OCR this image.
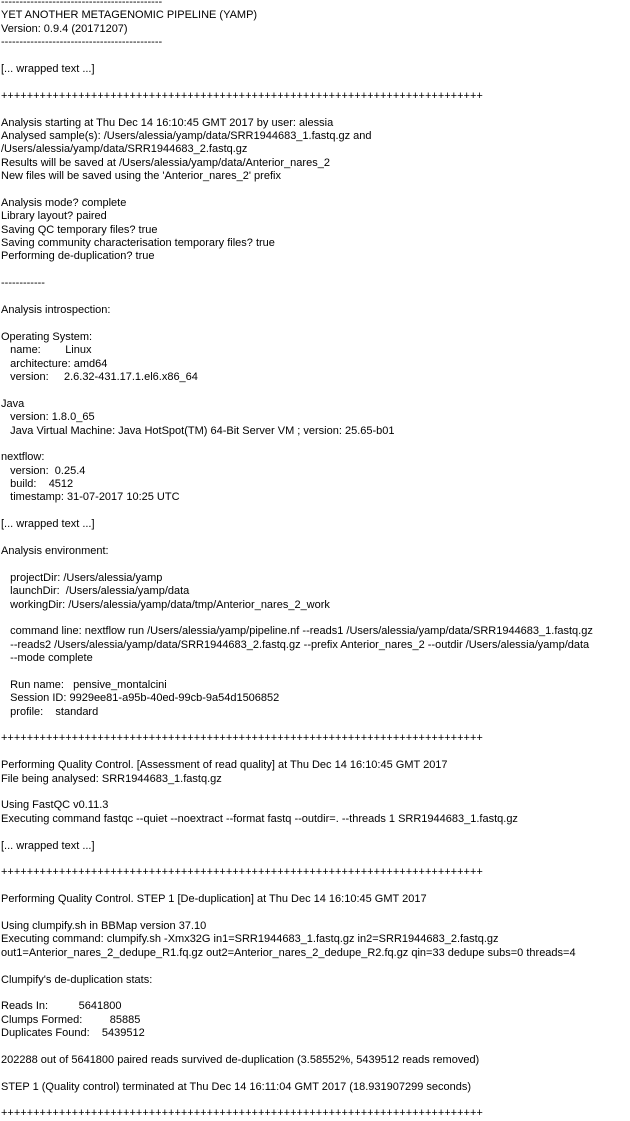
--------------------------------------------
YET ANOTHER METAGENOMIC PIPELINE (YAMP)
Version: 0.9.4 (20171207)
--------------------------------------------
[... wrapped text ...]
+++++++++++++++++++++++++++++++++++++++++++++++++++++++++++++++++++++++++++
Analysis starting at Thu Dec 14 16:10:45 GMT 2017 by user: alessia
Analysed sample(s): /Users/alessia/yamp/data/SRR1944683_1.fastq.gz and
/Users/alessia/yamp/data/SRR1944683_2.fastq.gz
Results will be saved at /Users/alessia/yamp/data/Anterior_nares_2
New files will be saved using the 'Anterior_nares_2' prefix
Analysis mode? complete
Library layout? paired
Saving QC temporary files? true
Saving community characterisation temporary files? true
Performing de-duplication? true
------------
Analysis introspection:
Operating System:
name:        Linux
architecture: amd64
version:     2.6.32-431.17.1.el6.x86_64
Java
version: 1.8.0_65
Java Virtual Machine: Java HotSpot(TM) 64-Bit Server VM ; version: 25.65-b01
nextflow:
version:  0.25.4
build:    4512
timestamp: 31-07-2017 10:25 UTC
[... wrapped text ...]
Analysis environment:
projectDir: /Users/alessia/yamp
launchDir:  /Users/alessia/yamp/data
workingDir: /Users/alessia/yamp/data/tmp/Anterior_nares_2_work
command line: nextflow run /Users/alessia/yamp/pipeline.nf --reads1 /Users/alessia/yamp/data/SRR1944683_1.fastq.gz
--reads2 /Users/alessia/yamp/data/SRR1944683_2.fastq.gz --prefix Anterior_nares_2 --outdir /Users/alessia/yamp/data
--mode complete
Run name:   pensive_montalcini
Session ID: 9929ee81-a95b-40ed-99cb-9a54d1506852
profile:    standard
+++++++++++++++++++++++++++++++++++++++++++++++++++++++++++++++++++++++++++
Performing Quality Control. [Assessment of read quality] at Thu Dec 14 16:10:45 GMT 2017
File being analysed: SRR1944683_1.fastq.gz
Using FastQC v0.11.3
Executing command fastqc --quiet --noextract --format fastq --outdir=. --threads 1 SRR1944683_1.fastq.gz
[... wrapped text ...]
+++++++++++++++++++++++++++++++++++++++++++++++++++++++++++++++++++++++++++
Performing Quality Control. STEP 1 [De-duplication] at Thu Dec 14 16:10:45 GMT 2017
Using clumpify.sh in BBMap version 37.10
Executing command: clumpify.sh -Xmx32G in1=SRR1944683_1.fastq.gz in2=SRR1944683_2.fastq.gz
out1=Anterior_nares_2_dedupe_R1.fq.gz out2=Anterior_nares_2_dedupe_R2.fq.gz qin=33 dedupe subs=0 threads=4
Clumpify's de-duplication stats:
Reads In:          5641800
Clumps Formed:         85885
Duplicates Found:    5439512
202288 out of 5641800 paired reads survived de-duplication (3.58552%, 5439512 reads removed)
STEP 1 (Quality control) terminated at Thu Dec 14 16:11:04 GMT 2017 (18.931907299 seconds)
+++++++++++++++++++++++++++++++++++++++++++++++++++++++++++++++++++++++++++
